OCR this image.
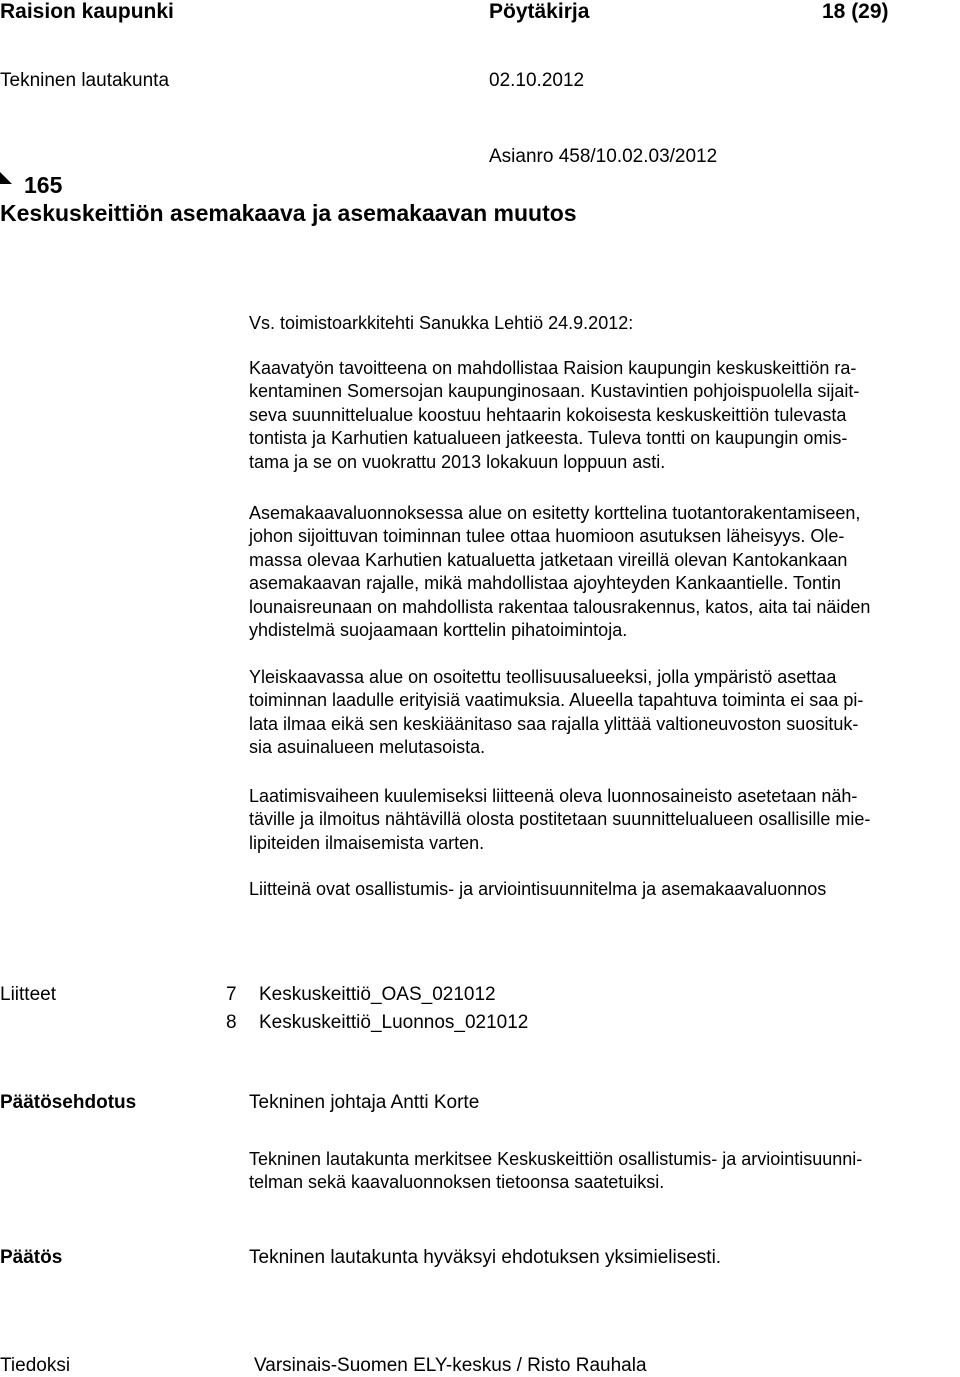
Raision kaupunki	Pöytäkirja	18 (29)
Tekninen lautakunta	02.10.2012
Asianro 458/10.02.03/2012
165
Keskuskeittiön asemakaava ja asemakaavan muutos

Vs. toimistoarkkitehti Sanukka Lehtiö 24.9.2012:

Kaavatyön tavoitteena on mahdollistaa Raision kaupungin keskuskeittiön ra-

kentaminen Somersojan kaupunginosaan. Kustavintien pohjoispuolella sijait-

seva suunnittelualue koostuu hehtaarin kokoisesta keskuskeittiön tulevasta

tontista ja Karhutien katualueen jatkeesta. Tuleva tontti on kaupungin omis-

tama ja se on vuokrattu 2013 lokakuun loppuun asti.

Asemakaavaluonnoksessa alue on esitetty korttelina tuotantorakentamiseen,

johon sijoittuvan toiminnan tulee ottaa huomioon asutuksen läheisyys. Ole-

massa olevaa Karhutien katualuetta jatketaan vireillä olevan Kantokankaan

asemakaavan rajalle, mikä mahdollistaa ajoyhteyden Kankaantielle. Tontin

lounaisreunaan on mahdollista rakentaa talousrakennus, katos, aita tai näiden

yhdistelmä suojaamaan korttelin pihatoimintoja.

Yleiskaavassa alue on osoitettu teollisuusalueeksi, jolla ympäristö asettaa

toiminnan laadulle erityisiä vaatimuksia. Alueella tapahtuva toiminta ei saa pi-

lata ilmaa eikä sen keskiäänitaso saa rajalla ylittää valtioneuvoston suosituk-

sia asuinalueen melutasoista.

Laatimisvaiheen kuulemiseksi liitteenä oleva luonnosaineisto asetetaan näh-

täville ja ilmoitus nähtävillä olosta postitetaan suunnittelualueen osallisille mie-

lipiteiden ilmaisemista varten.

Liitteinä ovat osallistumis- ja arviointisuunnitelma ja asemakaavaluonnos

Liitteet	7 Keskuskeittiö_OAS_021012
8 Keskuskeittiö_Luonnos_021012
Päätösehdotus	Tekninen johtaja Antti Korte

Tekninen lautakunta merkitsee Keskuskeittiön osallistumis- ja arviointisuunni-

telman sekä kaavaluonnoksen tietoonsa saatetuiksi.

Päätös	Tekninen lautakunta hyväksyi ehdotuksen yksimielisesti.
Tiedoksi	Varsinais-Suomen ELY-keskus / Risto Rauhala
